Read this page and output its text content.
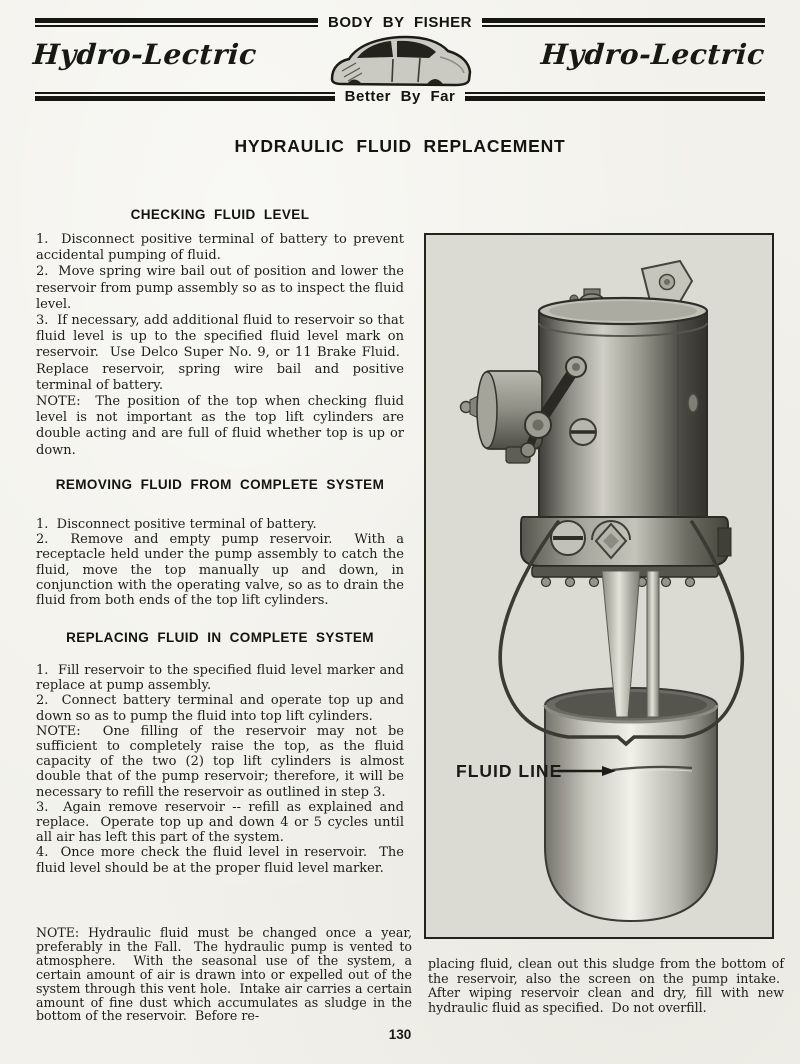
BODY BY FISHER
Hydro-Lectric	Hydro-Lectric
Better By Far
HYDRAULIC FLUID REPLACEMENT
CHECKING FLUID LEVEL

1.  Disconnect positive terminal of battery to prevent accidental pumping of fluid.

2.  Move spring wire bail out of position and lower the reservoir from pump assembly so as to inspect the fluid level.

3.  If necessary, add additional fluid to reservoir so that fluid level is up to the specified fluid level mark on reservoir.  Use Delco Super No. 9, or 11 Brake Fluid.  Replace reservoir, spring wire bail and positive terminal of battery.

NOTE:  The position of the top when checking fluid level is not important as the top lift cylinders are double acting and are full of fluid whether top is up or down.

REMOVING FLUID FROM COMPLETE SYSTEM

1.  Disconnect positive terminal of battery.

2.  Remove and empty pump reservoir.  With a receptacle held under the pump assembly to catch the fluid, move the top manually up and down, in conjunction with the operating valve, so as to drain the fluid from both ends of the top lift cylinders.

REPLACING FLUID IN COMPLETE SYSTEM

1.  Fill reservoir to the specified fluid level marker and replace at pump assembly.

2.  Connect battery terminal and operate top up and down so as to pump the fluid into top lift cylinders.

NOTE:  One filling of the reservoir may not be sufficient to completely raise the top, as the fluid capacity of the two (2) top lift cylinders is almost double that of the pump reservoir; therefore, it will be necessary to refill the reservoir as outlined in step 3.

3.  Again remove reservoir -- refill as explained and replace.  Operate top up and down 4 or 5 cycles until all air has left this part of the system.

4.  Once more check the fluid level in reservoir.  The fluid level should be at the proper fluid level marker.

NOTE: Hydraulic fluid must be changed once a year, preferably in the Fall.  The hydraulic pump is vented to atmosphere.  With the seasonal use of the system, a certain amount of air is drawn into or expelled out of the system through this vent hole.  Intake air carries a certain amount of fine dust which accumulates as sludge in the bottom of the reservoir.  Before re-

FLUID LINE

placing fluid, clean out this sludge from the bottom of the reservoir, also the screen on the pump intake.  After wiping reservoir clean and dry, fill with new hydraulic fluid as specified.  Do not overfill.

130
